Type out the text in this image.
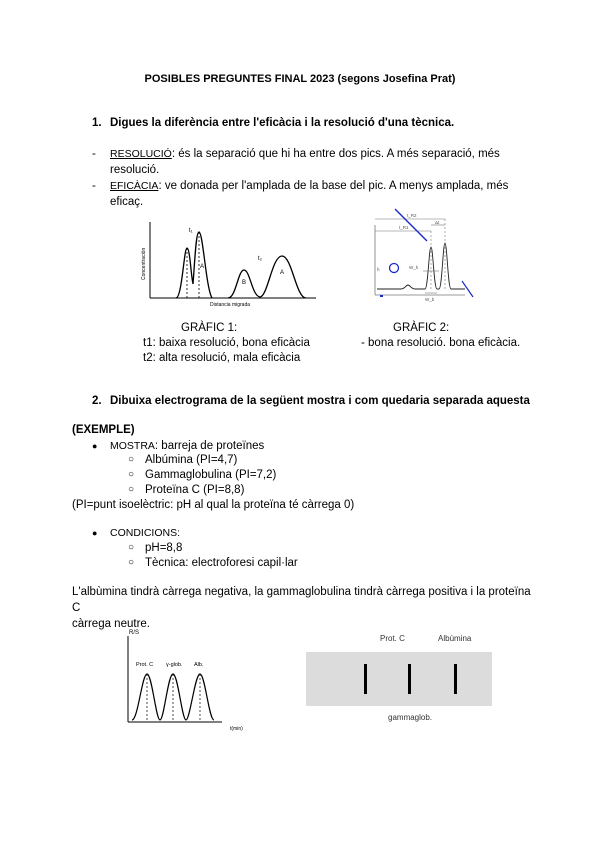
POSIBLES PREGUNTES FINAL 2023 (segons Josefina Prat)
1. Digues la diferència entre l'eficàcia i la resolució d'una tècnica.
- RESOLUCIÓ: és la separació que hi ha entre dos pics. A més separació, més
resolució.
- EFICÀCIA: ve donada per l'amplada de la base del pic. A menys amplada, més
eficaç.
Concentración
Distancia migrada
t₁
t₂
A
B
A
t_R2
t_R1
Δt
W_b
W_h
h
GRÀFIC 1:
t1: baixa resolució, bona eficàcia
t2: alta resolució, mala eficàcia
GRÀFIC 2:
- bona resolució. bona eficàcia.
2. Dibuixa electrograma de la següent mostra i com quedaria separada aquesta
(EXEMPLE)
● MOSTRA: barreja de proteïnes
○ Albúmina (PI=4,7)
○ Gammaglobulina (PI=7,2)
○ Proteïna C (PI=8,8)
(PI=punt isoelèctric: pH al qual la proteïna té càrrega 0)
● CONDICIONS:
○ pH=8,8
○ Tècnica: electroforesi capil·lar
L'albùmina tindrà càrrega negativa, la gammaglobulina tindrà càrrega positiva i la proteïna C
càrrega neutre.
R/S
t(min)
Prot. C γ-glob. Alb.
Prot. C	Albùmina
gammaglob.
